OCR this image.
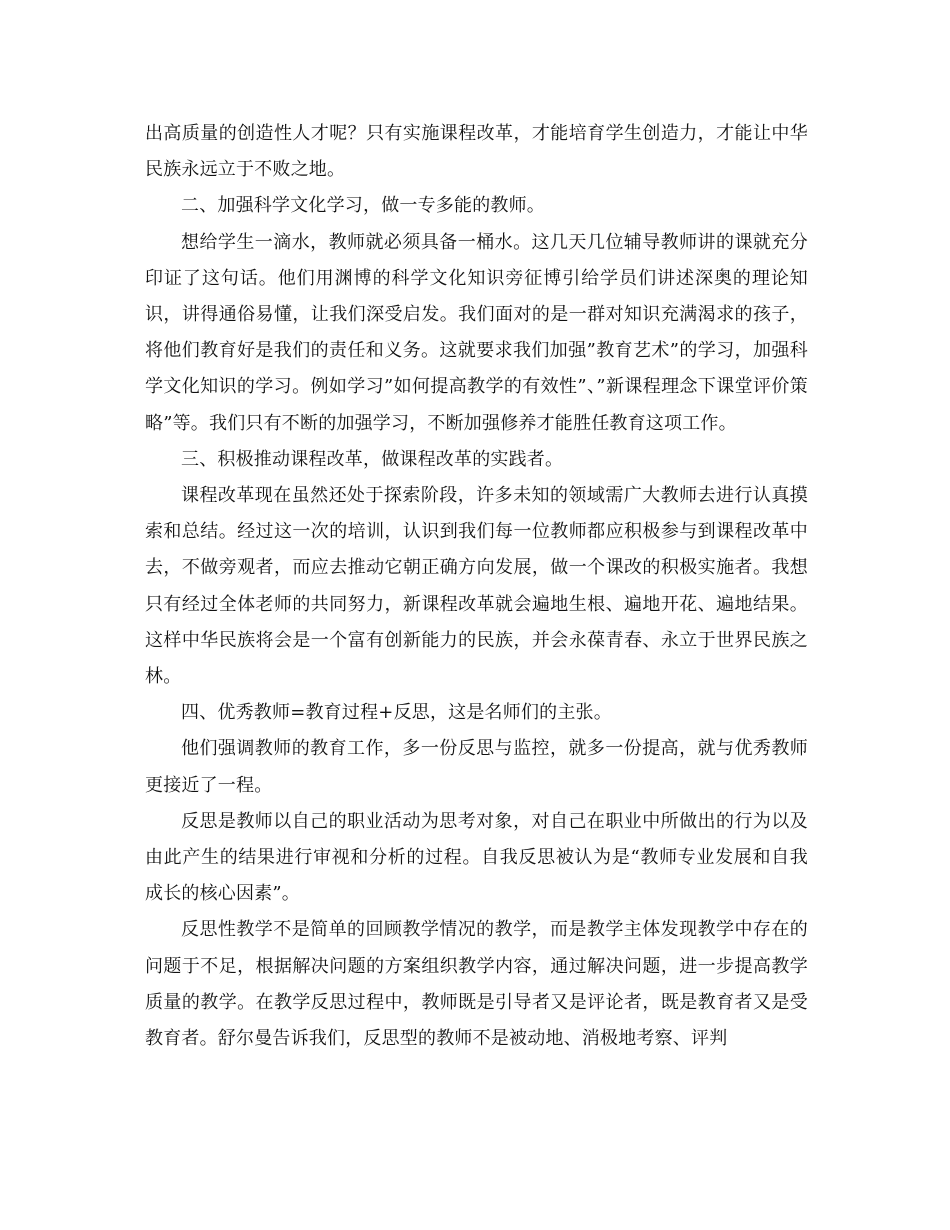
出高质量的创造性人才呢？只有实施课程改革，才能培育学生创造力，才能让中华民族永远立于不败之地。

二、加强科学文化学习，做一专多能的教师。

想给学生一滴水，教师就必须具备一桶水。这几天几位辅导教师讲的课就充分印证了这句话。他们用渊博的科学文化知识旁征博引给学员们讲述深奥的理论知识，讲得通俗易懂，让我们深受启发。我们面对的是一群对知识充满渴求的孩子，将他们教育好是我们的责任和义务。这就要求我们加强”教育艺术”的学习，加强科学文化知识的学习。例如学习”如何提高教学的有效性”、”新课程理念下课堂评价策略”等。我们只有不断的加强学习，不断加强修养才能胜任教育这项工作。

三、积极推动课程改革，做课程改革的实践者。

课程改革现在虽然还处于探索阶段，许多未知的领域需广大教师去进行认真摸索和总结。经过这一次的培训，认识到我们每一位教师都应积极参与到课程改革中去，不做旁观者，而应去推动它朝正确方向发展，做一个课改的积极实施者。我想只有经过全体老师的共同努力，新课程改革就会遍地生根、遍地开花、遍地结果。这样中华民族将会是一个富有创新能力的民族，并会永葆青春、永立于世界民族之林。

四、优秀教师=教育过程+反思，这是名师们的主张。

他们强调教师的教育工作，多一份反思与监控，就多一份提高，就与优秀教师更接近了一程。

反思是教师以自己的职业活动为思考对象，对自己在职业中所做出的行为以及由此产生的结果进行审视和分析的过程。自我反思被认为是“教师专业发展和自我成长的核心因素”。

反思性教学不是简单的回顾教学情况的教学，而是教学主体发现教学中存在的问题于不足，根据解决问题的方案组织教学内容，通过解决问题，进一步提高教学质量的教学。在教学反思过程中，教师既是引导者又是评论者，既是教育者又是受教育者。舒尔曼告诉我们，反思型的教师不是被动地、消极地考察、评判
